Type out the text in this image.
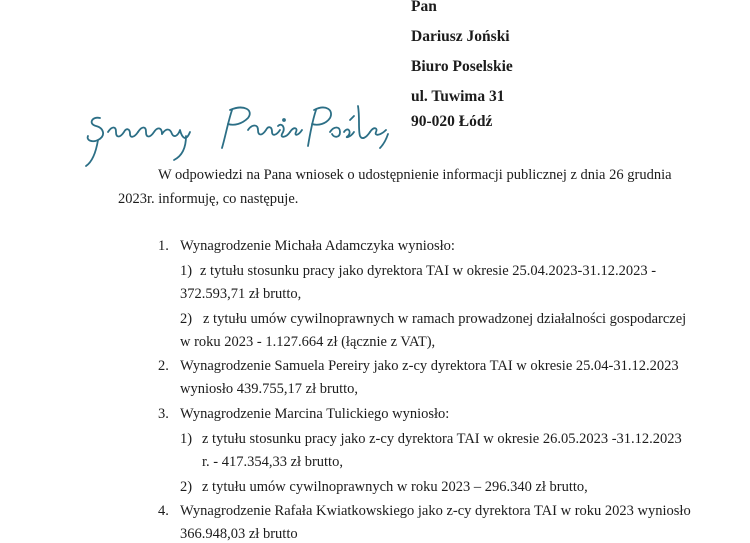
Pan
Dariusz Joński
Biuro Poselskie
ul. Tuwima 31
90-020 Łódź
W odpowiedzi na Pana wniosek o udostępnienie informacji publicznej z dnia 26 grudnia
2023r. informuję, co następuje.
1. Wynagrodzenie Michała Adamczyka wyniosło:
1) z tytułu stosunku pracy jako dyrektora TAI w okresie 25.04.2023-31.12.2023 -
372.593,71 zł brutto,
2) z tytułu umów cywilnoprawnych w ramach prowadzonej działalności gospodarczej
w roku 2023 - 1.127.664 zł (łącznie z VAT),
2. Wynagrodzenie Samuela Pereiry jako z-cy dyrektora TAI w okresie 25.04-31.12.2023
wyniosło 439.755,17 zł brutto,
3. Wynagrodzenie Marcina Tulickiego wyniosło:
1) z tytułu stosunku pracy jako z-cy dyrektora TAI w okresie 26.05.2023 -31.12.2023
r. - 417.354,33 zł brutto,
2) z tytułu umów cywilnoprawnych w roku 2023 – 296.340 zł brutto,
4. Wynagrodzenie Rafała Kwiatkowskiego jako z-cy dyrektora TAI w roku 2023 wyniosło
366.948,03 zł brutto
